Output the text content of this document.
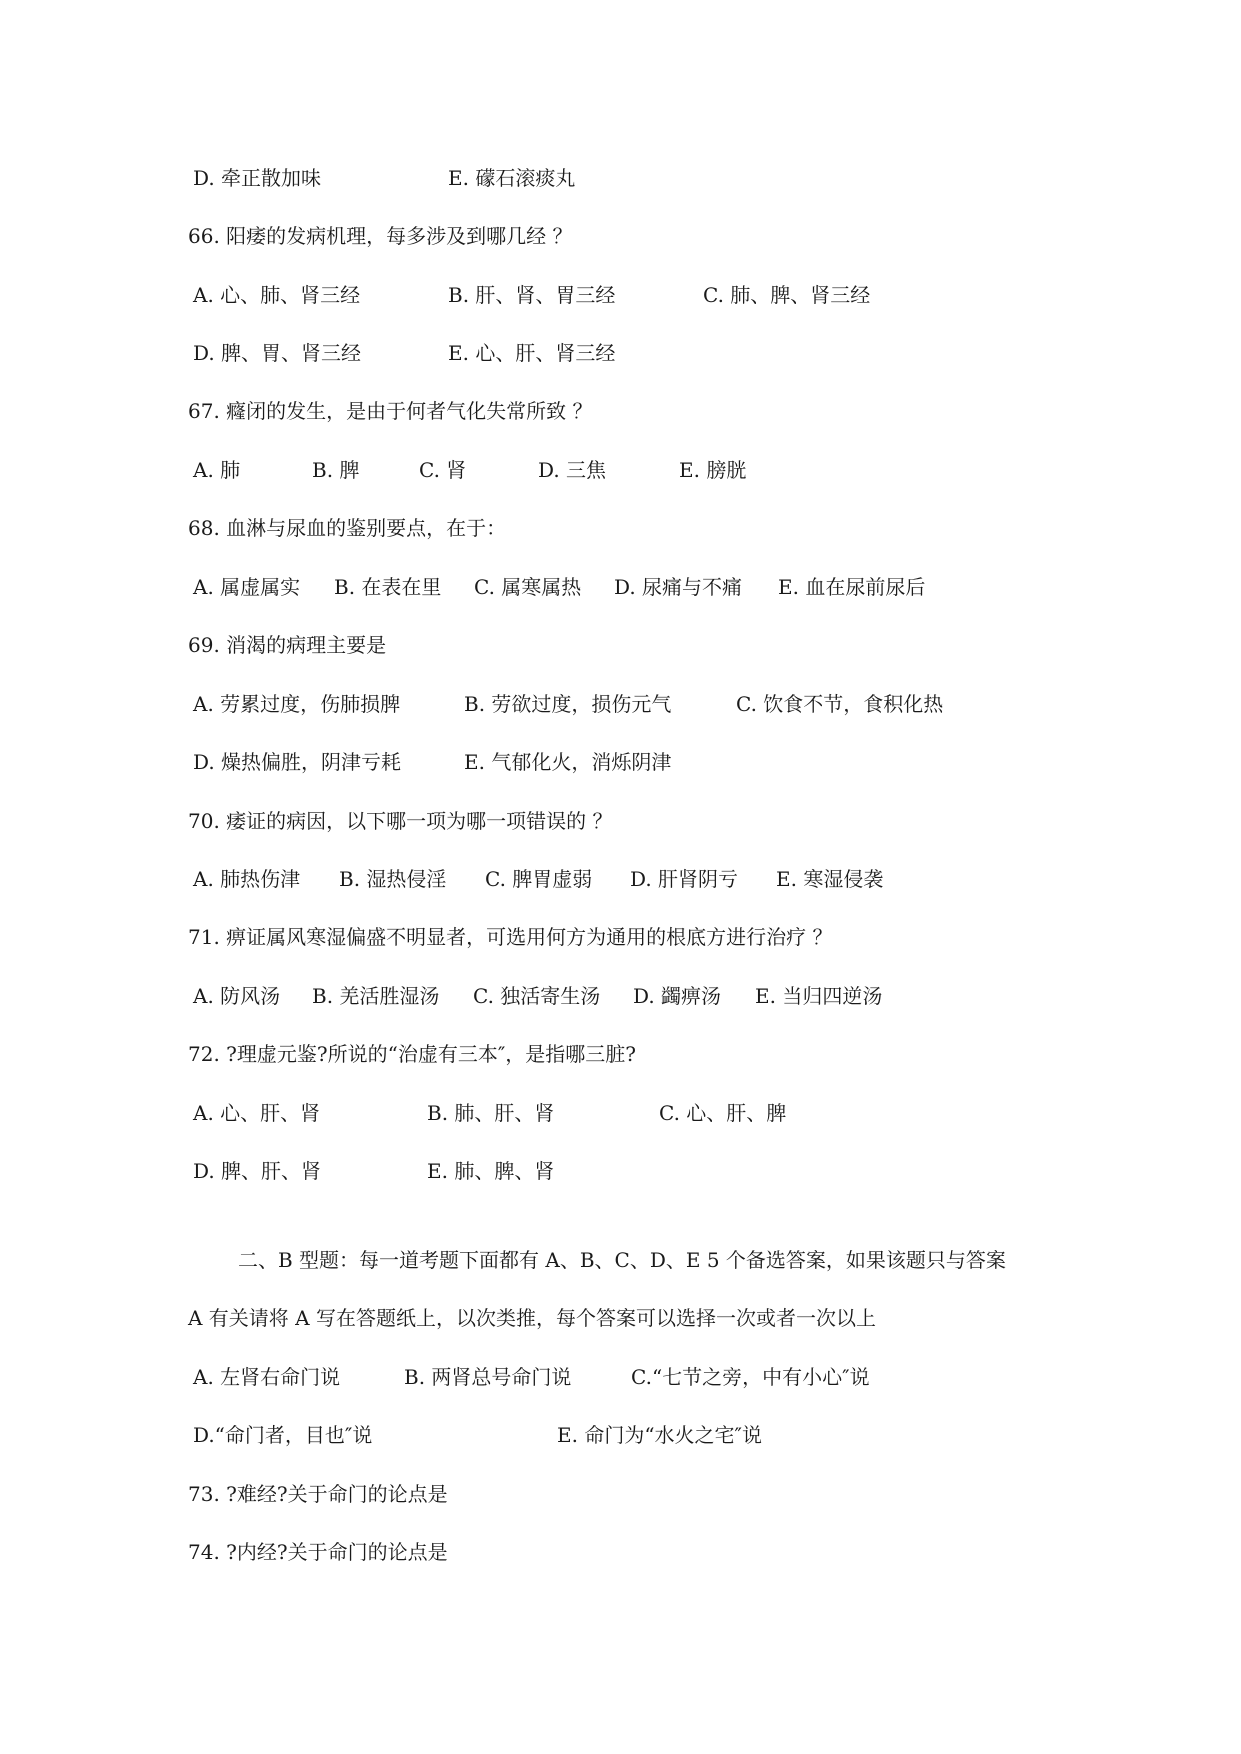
D. 牵正散加味	E. 礞石滚痰丸
66. 阳痿的发病机理，每多涉及到哪几经 ？
A. 心、肺、肾三经	B. 肝、肾、胃三经	C. 肺、脾、肾三经
D. 脾、胃、肾三经	E. 心、肝、肾三经
67. 癃闭的发生，是由于何者气化失常所致 ？
A. 肺	B. 脾	C. 肾	D. 三焦	E. 膀胱
68. 血淋与尿血的鉴别要点，在于：
A. 属虚属实 B. 在表在里 C. 属寒属热 D. 尿痛与不痛 E. 血在尿前尿后
69. 消渴的病理主要是
A. 劳累过度，伤肺损脾	B. 劳欲过度，损伤元气	C. 饮食不节，食积化热
D. 燥热偏胜，阴津亏耗	E. 气郁化火，消烁阴津
70. 痿证的病因，以下哪一项为哪一项错误的 ？
A. 肺热伤津 B. 湿热侵淫 C. 脾胃虚弱 D. 肝肾阴亏 E. 寒湿侵袭
71. 痹证属风寒湿偏盛不明显者，可选用何方为通用的根底方进行治疗 ？
A. 防风汤 B. 羌活胜湿汤 C. 独活寄生汤 D. 蠲痹汤 E. 当归四逆汤
72. ?理虚元鉴?所说的“治虚有三本″，是指哪三脏?
A. 心、肝、肾	B. 肺、肝、肾	C. 心、肝、脾
D. 脾、肝、肾	E. 肺、脾、肾
二、B 型题：每一道考题下面都有 A、B、C、D、E 5 个备选答案，如果该题只与答案
A 有关请将 A 写在答题纸上，以次类推，每个答案可以选择一次或者一次以上
A. 左肾右命门说	B. 两肾总号命门说	C.“七节之旁，中有小心″说
D.“命门者，目也″说	E. 命门为“水火之宅″说
73. ?难经?关于命门的论点是
74. ?内经?关于命门的论点是
